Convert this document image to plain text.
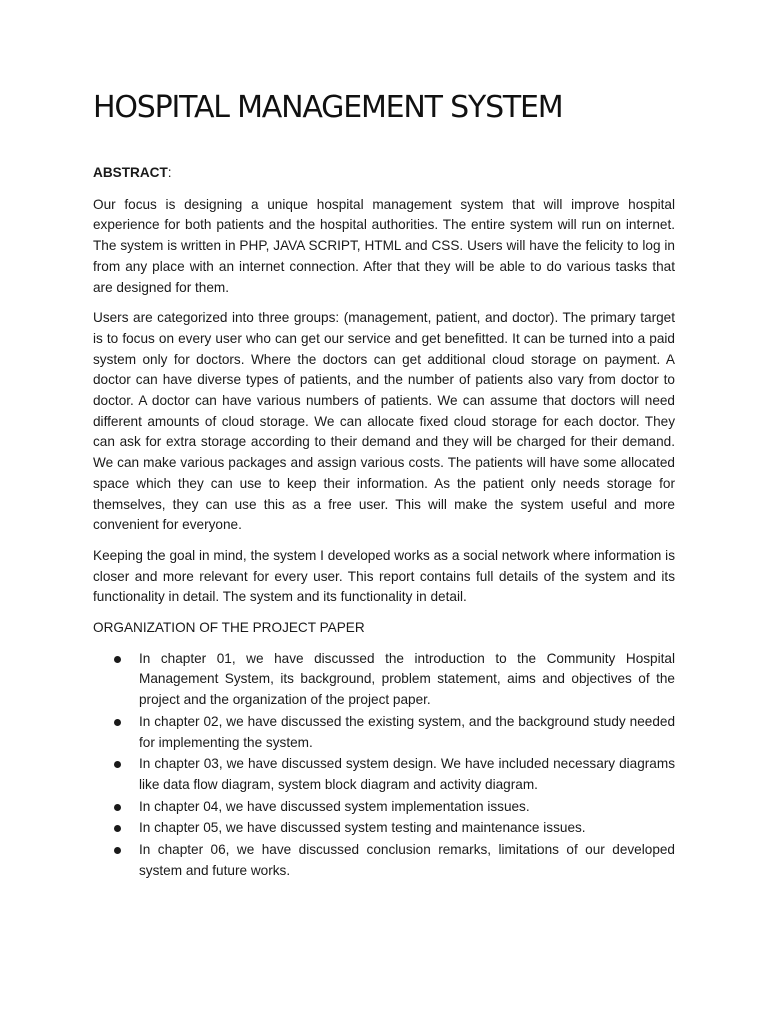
HOSPITAL MANAGEMENT SYSTEM
ABSTRACT:

Our focus is designing a unique hospital management system that will improve hospital experience for both patients and the hospital authorities. The entire system will run on internet. The system is written in PHP, JAVA SCRIPT, HTML and CSS. Users will have the felicity to log in from any place with an internet connection. After that they will be able to do various tasks that are designed for them.

Users are categorized into three groups: (management, patient, and doctor). The primary target is to focus on every user who can get our service and get benefitted. It can be turned into a paid system only for doctors. Where the doctors can get additional cloud storage on payment. A doctor can have diverse types of patients, and the number of patients also vary from doctor to doctor. A doctor can have various numbers of patients. We can assume that doctors will need different amounts of cloud storage. We can allocate fixed cloud storage for each doctor. They can ask for extra storage according to their demand and they will be charged for their demand. We can make various packages and assign various costs. The patients will have some allocated space which they can use to keep their information. As the patient only needs storage for themselves, they can use this as a free user. This will make the system useful and more convenient for everyone.

Keeping the goal in mind, the system I developed works as a social network where information is closer and more relevant for every user. This report contains full details of the system and its functionality in detail. The system and its functionality in detail.

ORGANIZATION OF THE PROJECT PAPER
In chapter 01, we have discussed the introduction to the Community Hospital Management System, its background, problem statement, aims and objectives of the project and the organization of the project paper.
In chapter 02, we have discussed the existing system, and the background study needed for implementing the system.
In chapter 03, we have discussed system design. We have included necessary diagrams like data flow diagram, system block diagram and activity diagram.
In chapter 04, we have discussed system implementation issues.
In chapter 05, we have discussed system testing and maintenance issues.
In chapter 06, we have discussed conclusion remarks, limitations of our developed system and future works.
